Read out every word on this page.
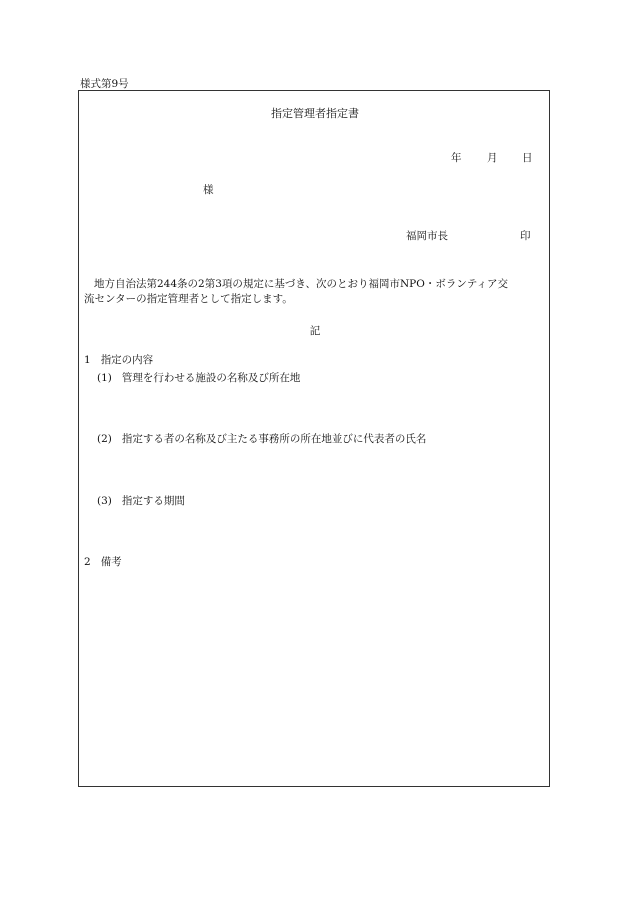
様式第9号
指定管理者指定書
年 月 日
様
福岡市長	印
地方自治法第244条の2第3項の規定に基づき、次のとおり福岡市NPO・ボランティア交
流センターの指定管理者として指定します。
記
1 指定の内容
(1) 管理を行わせる施設の名称及び所在地
(2) 指定する者の名称及び主たる事務所の所在地並びに代表者の氏名
(3) 指定する期間
2 備考
